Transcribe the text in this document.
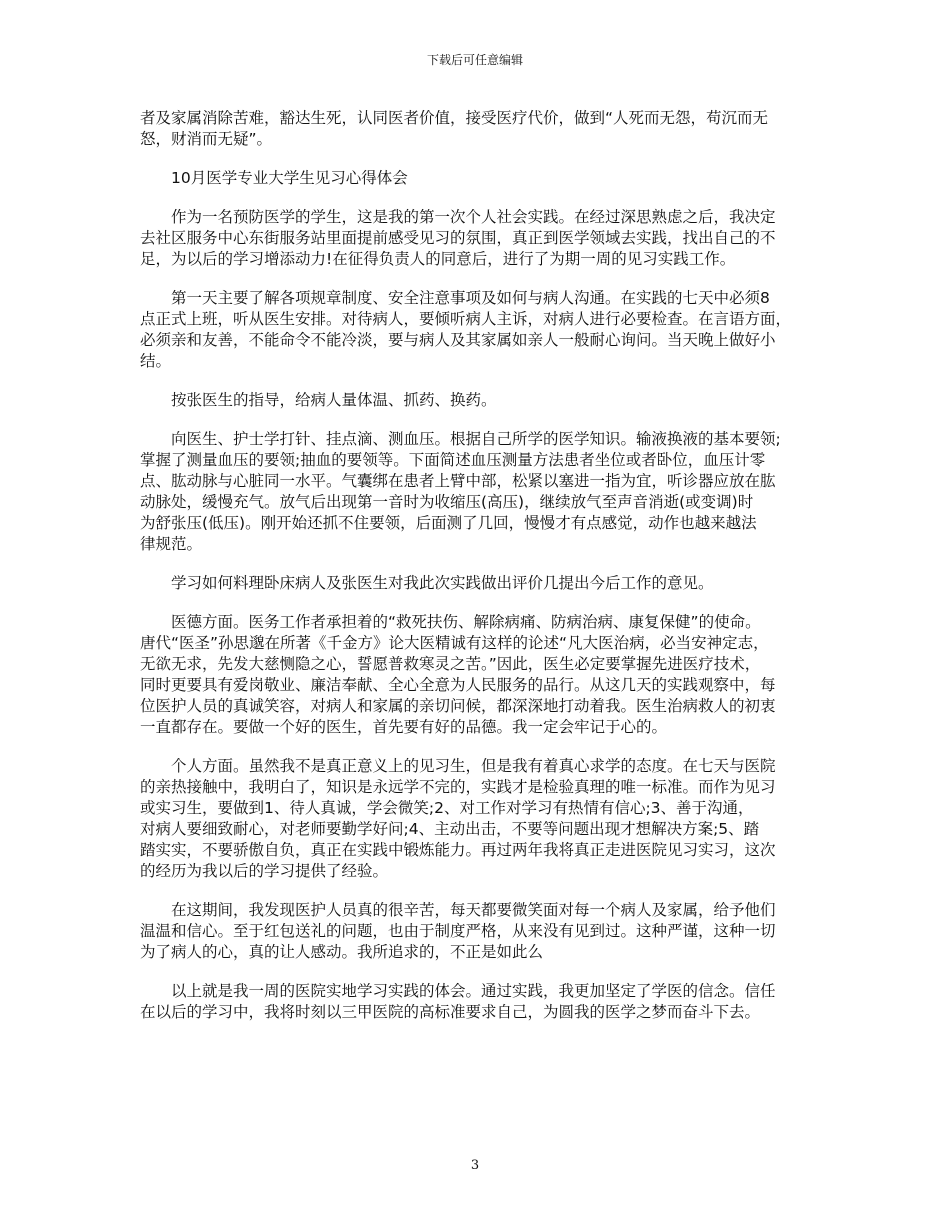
下载后可任意编辑

者及家属消除苦难，豁达生死，认同医者价值，接受医疗代价，做到“人死而无怨，苟沉而无
怒，财消而无疑”。

　　10月医学专业大学生见习心得体会

　　作为一名预防医学的学生，这是我的第一次个人社会实践。在经过深思熟虑之后，我决定
去社区服务中心东街服务站里面提前感受见习的氛围，真正到医学领域去实践，找出自己的不
足，为以后的学习增添动力!在征得负责人的同意后，进行了为期一周的见习实践工作。

　　第一天主要了解各项规章制度、安全注意事项及如何与病人沟通。在实践的七天中必须8
点正式上班，听从医生安排。对待病人，要倾听病人主诉，对病人进行必要检查。在言语方面，
必须亲和友善，不能命令不能冷淡，要与病人及其家属如亲人一般耐心询问。当天晚上做好小
结。

　　按张医生的指导，给病人量体温、抓药、换药。

　　向医生、护士学打针、挂点滴、测血压。根据自己所学的医学知识。输液换液的基本要领;
掌握了测量血压的要领;抽血的要领等。下面简述血压测量方法患者坐位或者卧位，血压计零
点、肱动脉与心脏同一水平。气囊绑在患者上臂中部，松紧以塞进一指为宜，听诊器应放在肱
动脉处，缓慢充气。放气后出现第一音时为收缩压(高压)，继续放气至声音消逝(或变调)时
为舒张压(低压)。刚开始还抓不住要领，后面测了几回，慢慢才有点感觉，动作也越来越法
律规范。

　　学习如何料理卧床病人及张医生对我此次实践做出评价几提出今后工作的意见。

　　医德方面。医务工作者承担着的“救死扶伤、解除病痛、防病治病、康复保健”的使命。
唐代“医圣”孙思邈在所著《千金方》论大医精诚有这样的论述“凡大医治病，必当安神定志，
无欲无求，先发大慈恻隐之心，誓愿普救寒灵之苦。”因此，医生必定要掌握先进医疗技术，
同时更要具有爱岗敬业、廉洁奉献、全心全意为人民服务的品行。从这几天的实践观察中，每
位医护人员的真诚笑容，对病人和家属的亲切问候，都深深地打动着我。医生治病救人的初衷
一直都存在。要做一个好的医生，首先要有好的品德。我一定会牢记于心的。

　　个人方面。虽然我不是真正意义上的见习生，但是我有着真心求学的态度。在七天与医院
的亲热接触中，我明白了，知识是永远学不完的，实践才是检验真理的唯一标准。而作为见习
或实习生，要做到1、待人真诚，学会微笑;2、对工作对学习有热情有信心;3、善于沟通，
对病人要细致耐心，对老师要勤学好问;4、主动出击，不要等问题出现才想解决方案;5、踏
踏实实，不要骄傲自负，真正在实践中锻炼能力。再过两年我将真正走进医院见习实习，这次
的经历为我以后的学习提供了经验。

　　在这期间，我发现医护人员真的很辛苦，每天都要微笑面对每一个病人及家属，给予他们
温温和信心。至于红包送礼的问题，也由于制度严格，从来没有见到过。这种严谨，这种一切
为了病人的心，真的让人感动。我所追求的，不正是如此么

　　以上就是我一周的医院实地学习实践的体会。通过实践，我更加坚定了学医的信念。信任
在以后的学习中，我将时刻以三甲医院的高标准要求自己，为圆我的医学之梦而奋斗下去。

3
